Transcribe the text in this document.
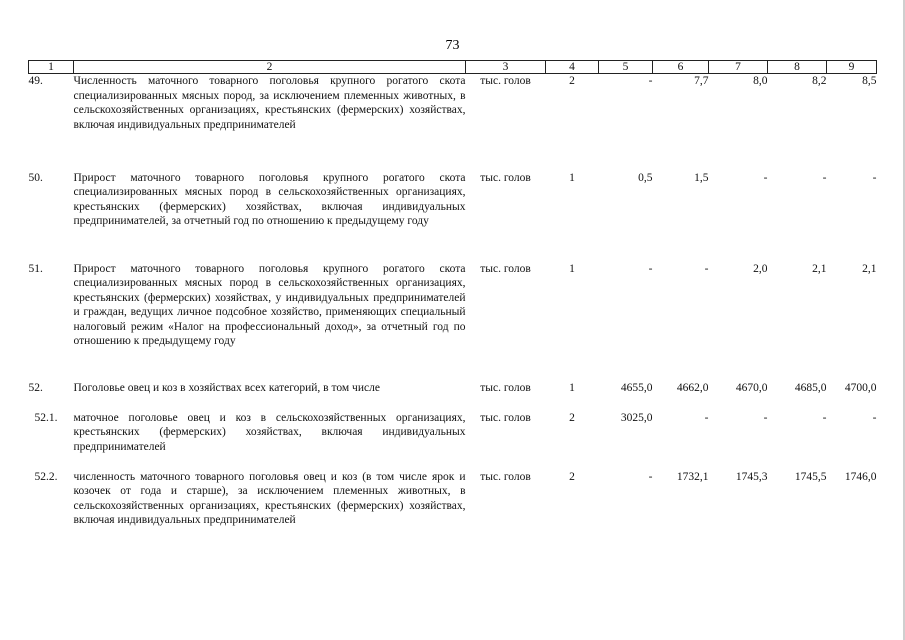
73
1	2	3	4	5	6	7	8	9
49.	Численность маточного товарного поголовья крупного рогатого скота специализированных мясных пород, за исключением племенных животных, в сельскохозяйственных организациях, крестьянских (фермерских) хозяйствах, включая индивидуальных предпринимателей	тыс. голов	2	-	7,7	8,0	8,2	8,5
50.	Прирост маточного товарного поголовья крупного рогатого скота специализированных мясных пород в сельскохозяйственных организациях, крестьянских (фермерских) хозяйствах, включая индивидуальных предпринимателей, за отчетный год по отношению к предыдущему году	тыс. голов	1	0,5	1,5	-	-	-
51.	Прирост маточного товарного поголовья крупного рогатого скота специализированных мясных пород в сельскохозяйственных организациях, крестьянских (фермерских) хозяйствах, у индивидуальных предпринимателей и граждан, ведущих личное подсобное хозяйство, применяющих специальный налоговый режим «Налог на профессиональный доход», за отчетный год по отношению к предыдущему году	тыс. голов	1	-	-	2,0	2,1	2,1
52.	Поголовье овец и коз в хозяйствах всех категорий, в том числе	тыс. голов	1	4655,0	4662,0	4670,0	4685,0	4700,0
52.1.	маточное поголовье овец и коз в сельскохозяйственных организациях, крестьянских (фермерских) хозяйствах, включая индивидуальных предпринимателей	тыс. голов	2	3025,0	-	-	-	-
52.2.	численность маточного товарного поголовья овец и коз (в том числе ярок и козочек от года и старше), за исключением племенных животных, в сельскохозяйственных организациях, крестьянских (фермерских) хозяйствах, включая индивидуальных предпринимателей	тыс. голов	2	-	1732,1	1745,3	1745,5	1746,0
